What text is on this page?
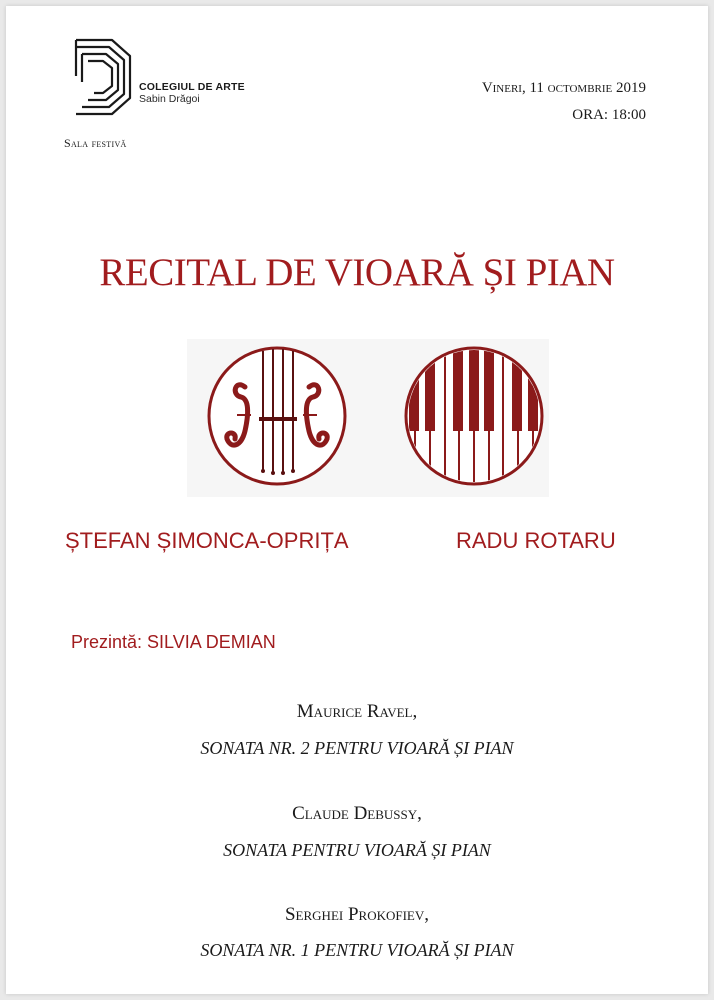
COLEGIUL DE ARTE
Sabin Drăgoi
Sala festivă
Vineri, 11 octombrie 2019
ORA: 18:00
RECITAL DE VIOARĂ ȘI PIAN
ȘTEFAN ȘIMONCA-OPRIȚA	RADU ROTARU
Prezintă: SILVIA DEMIAN
Maurice Ravel,
SONATA NR. 2 PENTRU VIOARĂ ȘI PIAN
Claude Debussy,
SONATA PENTRU VIOARĂ ȘI PIAN
Serghei Prokofiev,
SONATA NR. 1 PENTRU VIOARĂ ȘI PIAN
